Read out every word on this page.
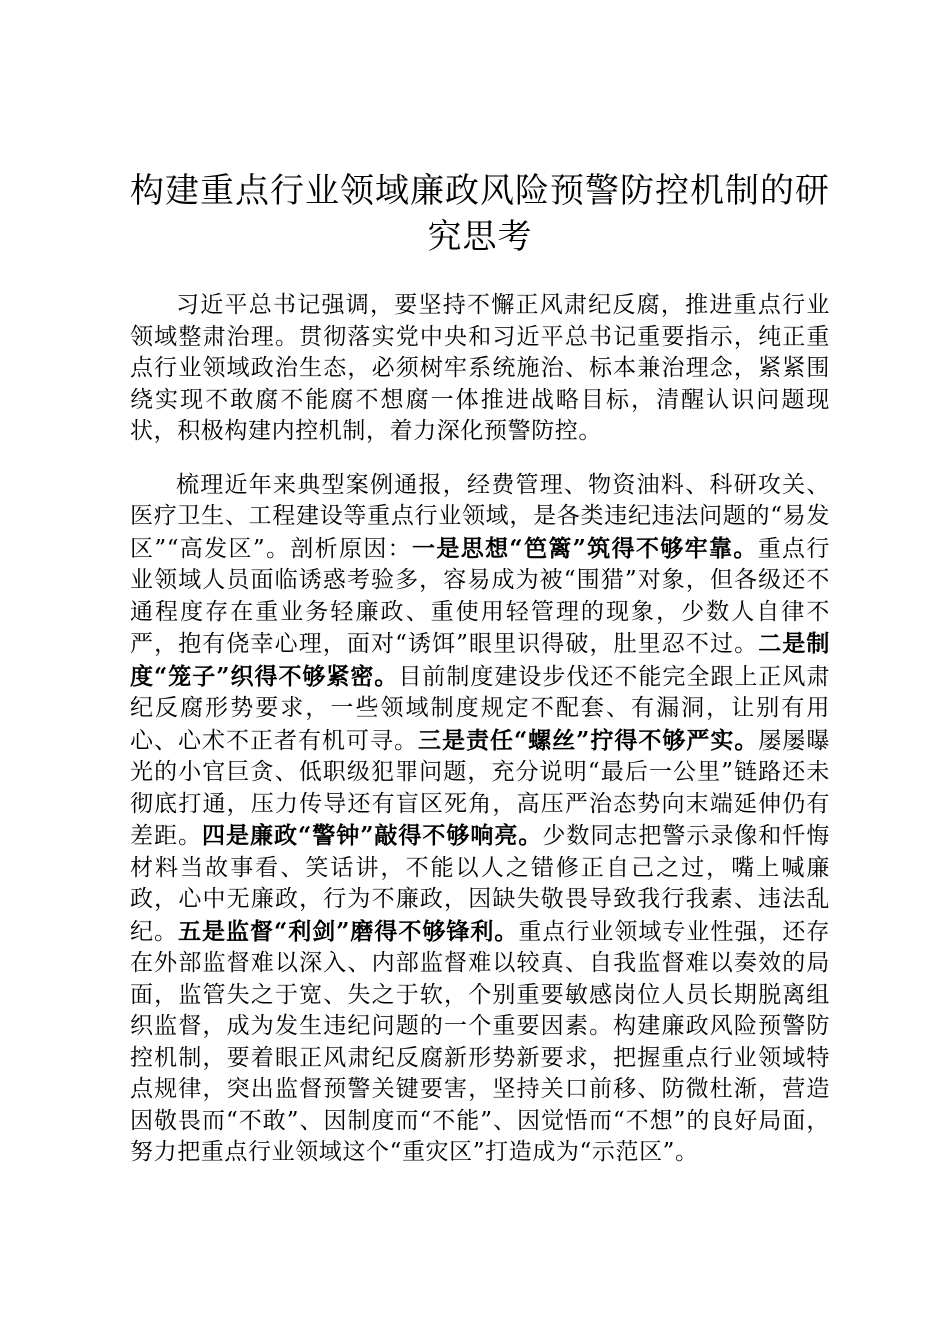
构建重点行业领域廉政风险预警防控机制的研究思考

习近平总书记强调，要坚持不懈正风肃纪反腐，推进重点行业领域整肃治理。贯彻落实党中央和习近平总书记重要指示，纯正重点行业领域政治生态，必须树牢系统施治、标本兼治理念，紧紧围绕实现不敢腐不能腐不想腐一体推进战略目标，清醒认识问题现状，积极构建内控机制，着力深化预警防控。

梳理近年来典型案例通报，经费管理、物资油料、科研攻关、医疗卫生、工程建设等重点行业领域，是各类违纪违法问题的“易发区”“高发区”。剖析原因：一是思想“笆篱”筑得不够牢靠。重点行业领域人员面临诱惑考验多，容易成为被“围猎”对象，但各级还不通程度存在重业务轻廉政、重使用轻管理的现象，少数人自律不严，抱有侥幸心理，面对“诱饵”眼里识得破，肚里忍不过。二是制度“笼子”织得不够紧密。目前制度建设步伐还不能完全跟上正风肃纪反腐形势要求，一些领域制度规定不配套、有漏洞，让别有用心、心术不正者有机可寻。三是责任“螺丝”拧得不够严实。屡屡曝光的小官巨贪、低职级犯罪问题，充分说明“最后一公里”链路还未彻底打通，压力传导还有盲区死角，高压严治态势向末端延伸仍有差距。四是廉政“警钟”敲得不够响亮。少数同志把警示录像和忏悔材料当故事看、笑话讲，不能以人之错修正自己之过，嘴上喊廉政，心中无廉政，行为不廉政，因缺失敬畏导致我行我素、违法乱纪。五是监督“利剑”磨得不够锋利。重点行业领域专业性强，还存在外部监督难以深入、内部监督难以较真、自我监督难以奏效的局面，监管失之于宽、失之于软，个别重要敏感岗位人员长期脱离组织监督，成为发生违纪问题的一个重要因素。构建廉政风险预警防控机制，要着眼正风肃纪反腐新形势新要求，把握重点行业领域特点规律，突出监督预警关键要害，坚持关口前移、防微杜渐，营造因敬畏而“不敢”、因制度而“不能”、因觉悟而“不想”的良好局面，努力把重点行业领域这个“重灾区”打造成为“示范区”。
